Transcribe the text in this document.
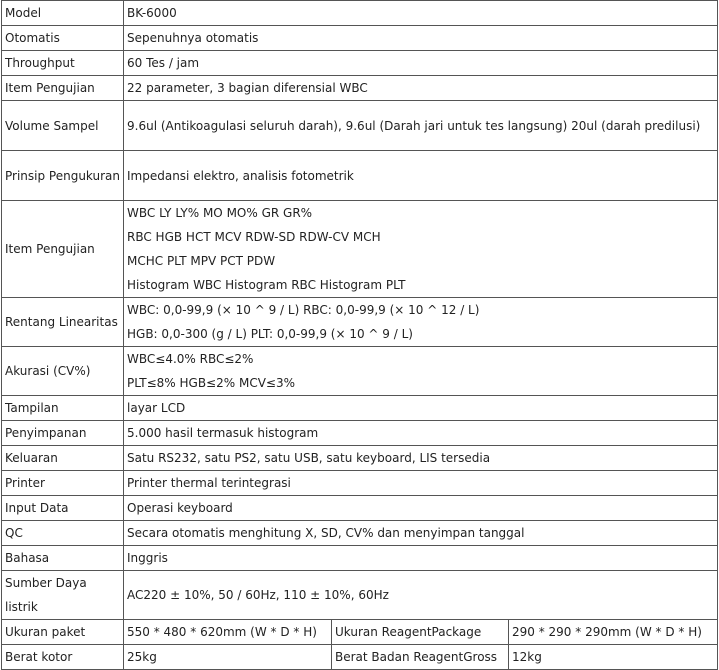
Model	BK-6000		
Otomatis	Sepenuhnya otomatis		
Throughput	60 Tes / jam		
Item Pengujian	22 parameter, 3 bagian diferensial WBC		
Volume Sampel	9.6ul (Antikoagulasi seluruh darah), 9.6ul (Darah jari untuk tes langsung) 20ul (darah predilusi)		
Prinsip Pengukuran	Impedansi elektro, analisis fotometrik		
Item Pengujian	WBC LY LY% MO MO% GR GR%
RBC HGB HCT MCV RDW-SD RDW-CV MCH
MCHC PLT MPV PCT PDW
Histogram WBC Histogram RBC Histogram PLT		

Rentang Linearitas	WBC: 0,0-99,9 (× 10 ^ 9 / L) RBC: 0,0-99,9 (× 10 ^ 12 / L)
HGB: 0,0-300 (g / L) PLT: 0,0-99,9 (× 10 ^ 9 / L)		

Akurasi (CV%)	WBC≤4.0% RBC≤2%
PLT≤8% HGB≤2% MCV≤3%		

Tampilan	layar LCD		
Penyimpanan	5.000 hasil termasuk histogram		
Keluaran	Satu RS232, satu PS2, satu USB, satu keyboard, LIS tersedia		
Printer	Printer thermal terintegrasi		
Input Data	Operasi keyboard		
QC	Secara otomatis menghitung X, SD, CV% dan menyimpan tanggal		
Bahasa	Inggris		
Sumber Daya listrik	AC220 ± 10%, 50 / 60Hz, 110 ± 10%, 60Hz		
Ukuran paket	550 * 480 * 620mm (W * D * H)	Ukuran ReagentPackage	290 * 290 * 290mm (W * D * H)
Berat kotor	25kg	Berat Badan ReagentGross	12kg
